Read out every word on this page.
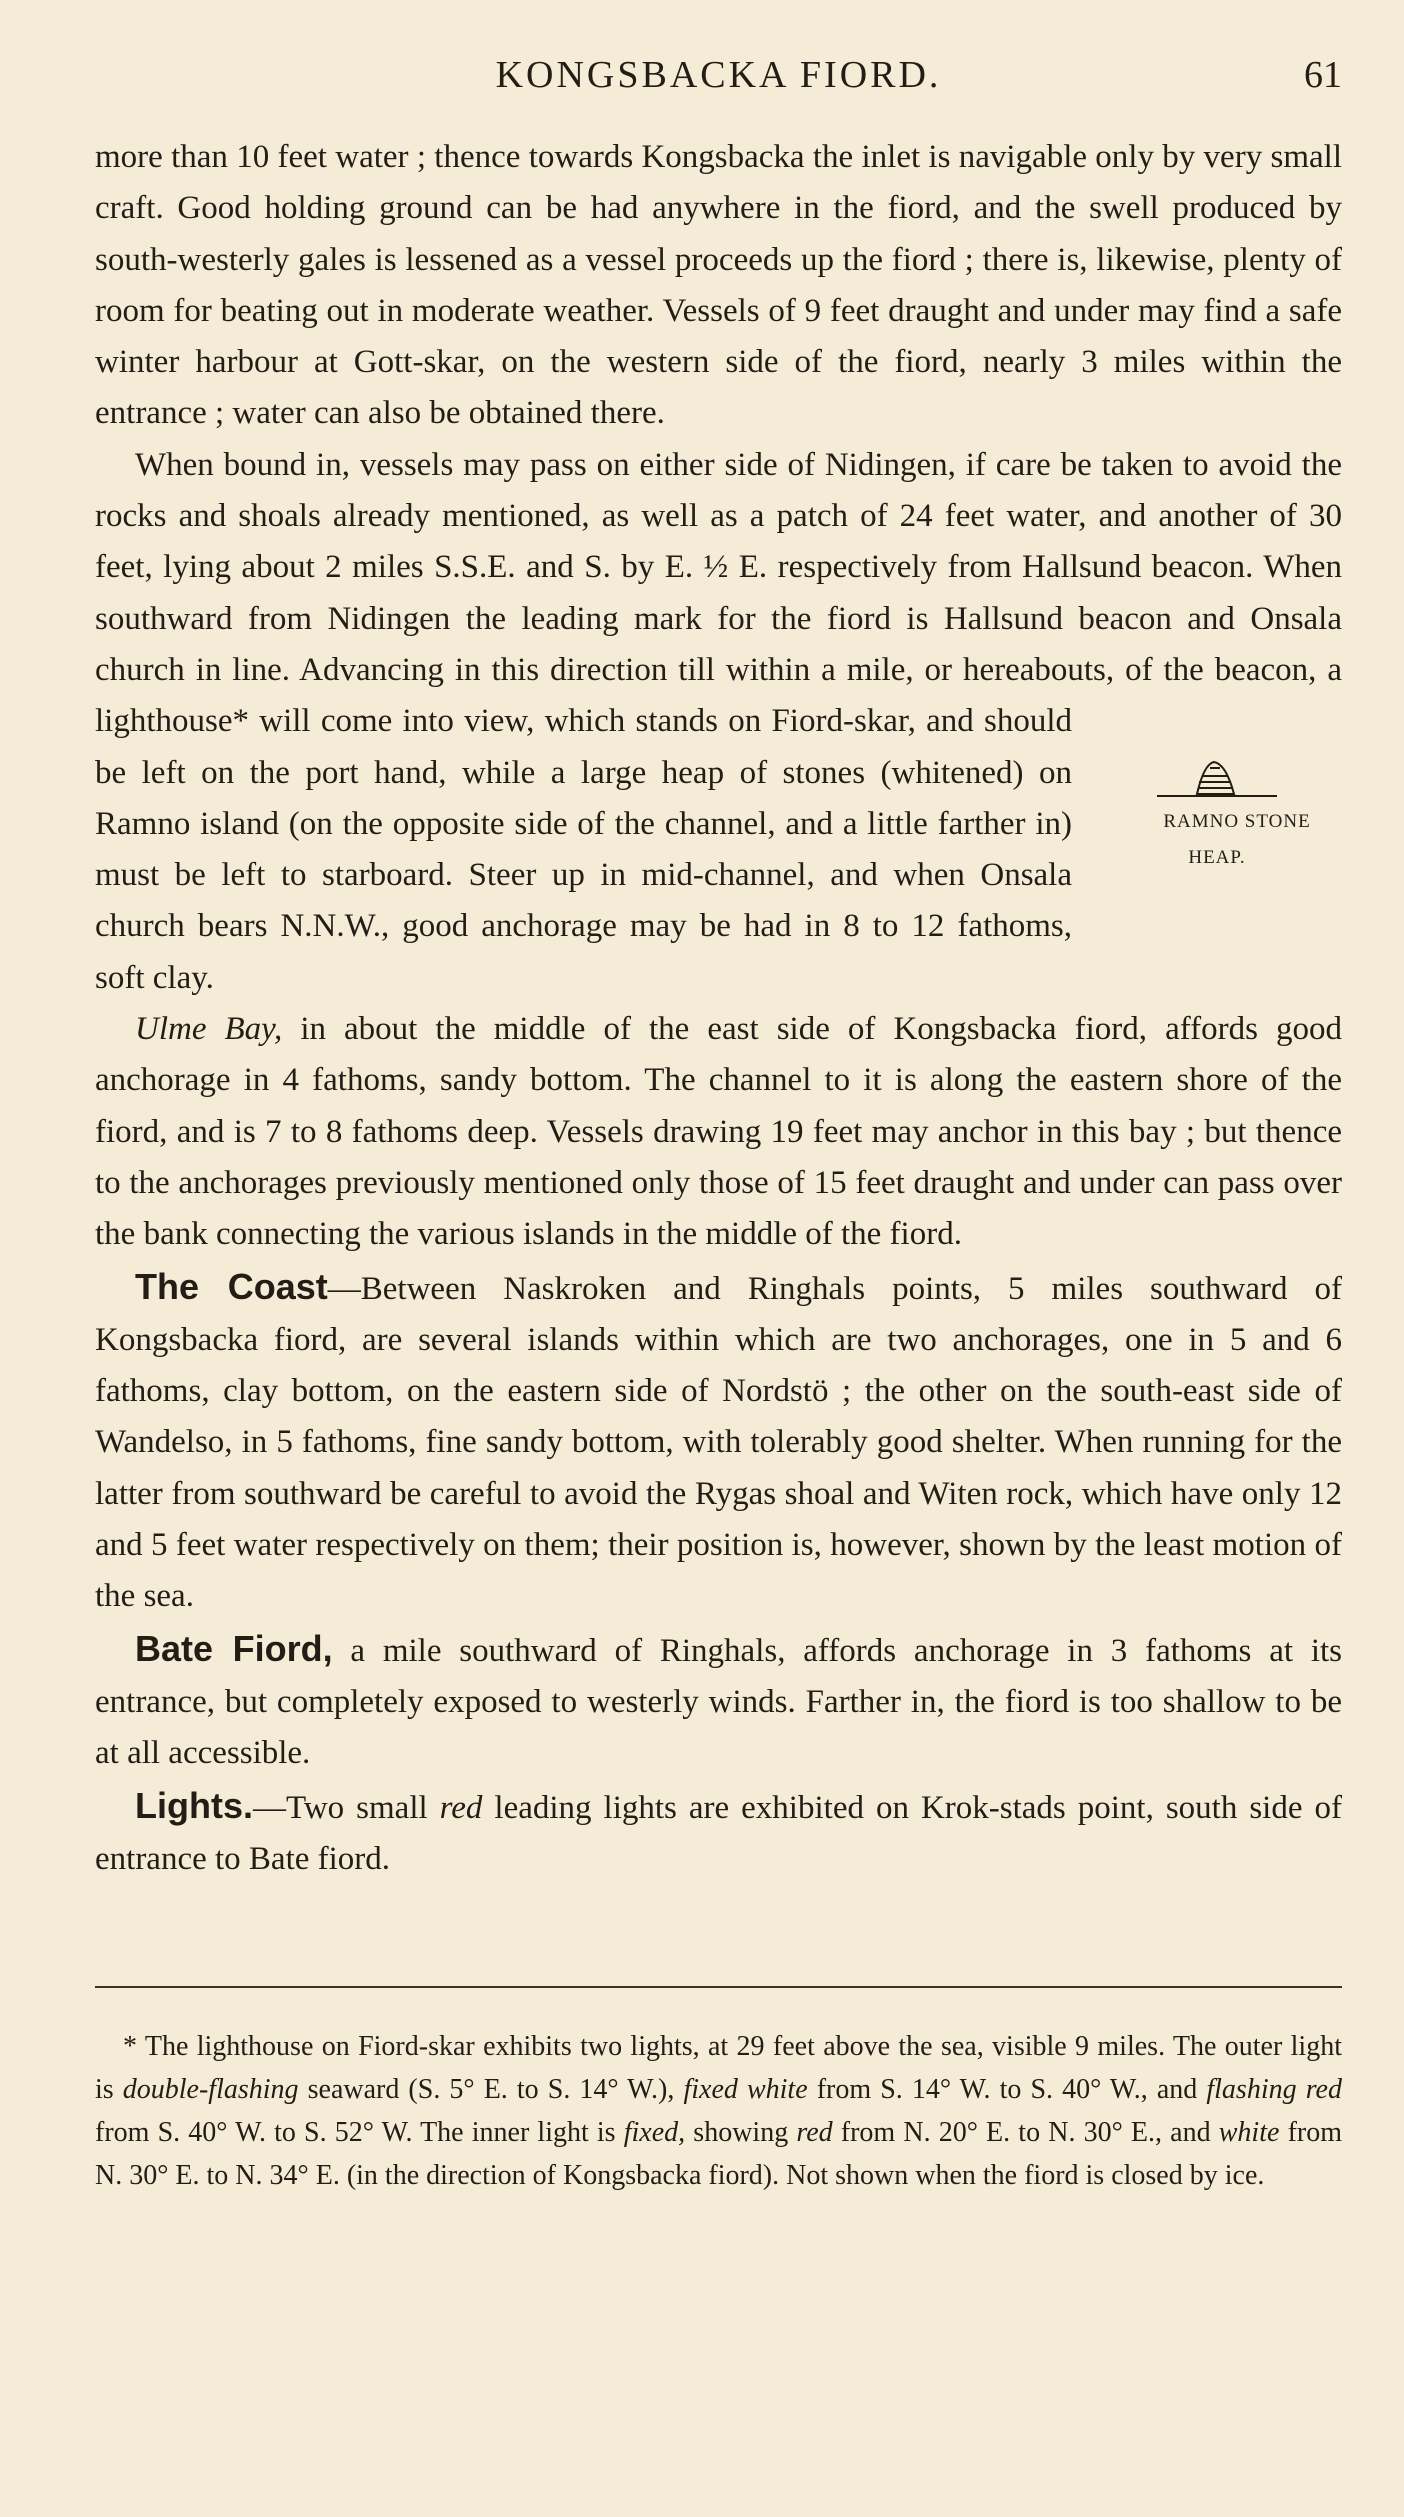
KONGSBACKA FIORD.	61

more than 10 feet water ; thence towards Kongsbacka the inlet is navigable only by very small craft. Good holding ground can be had anywhere in the fiord, and the swell produced by south-westerly gales is lessened as a vessel proceeds up the fiord ; there is, likewise, plenty of room for beating out in moderate weather. Vessels of 9 feet draught and under may find a safe winter harbour at Gott-skar, on the western side of the fiord, nearly 3 miles within the entrance ; water can also be obtained there.

When bound in, vessels may pass on either side of Nidingen, if care be taken to avoid the rocks and shoals already mentioned, as well as a patch of 24 feet water, and another of 30 feet, lying about 2 miles S.S.E. and S. by E. ½ E. respectively from Hallsund beacon. When southward from Nidingen the leading mark for the fiord is Hallsund beacon and Onsala church in line. Advancing in this direction till within a mile, or hereabouts, of the beacon, a lighthouse*
RAMNO STONE
HEAP.
will come into view, which stands on Fiord-skar, and should be left on the port hand, while a large heap of stones (whitened) on Ramno island (on the opposite side of the channel, and a little farther in) must be left to starboard. Steer up in mid-channel, and when Onsala church bears N.N.W., good anchorage may be had in 8 to 12 fathoms, soft clay.

Ulme Bay, in about the middle of the east side of Kongsbacka fiord, affords good anchorage in 4 fathoms, sandy bottom. The channel to it is along the eastern shore of the fiord, and is 7 to 8 fathoms deep. Vessels drawing 19 feet may anchor in this bay ; but thence to the anchorages previously mentioned only those of 15 feet draught and under can pass over the bank connecting the various islands in the middle of the fiord.

The Coast—Between Naskroken and Ringhals points, 5 miles southward of Kongsbacka fiord, are several islands within which are two anchorages, one in 5 and 6 fathoms, clay bottom, on the eastern side of Nordstö ; the other on the south-east side of Wandelso, in 5 fathoms, fine sandy bottom, with tolerably good shelter. When running for the latter from southward be careful to avoid the Rygas shoal and Witen rock, which have only 12 and 5 feet water respectively on them; their position is, however, shown by the least motion of the sea.

Bate Fiord, a mile southward of Ringhals, affords anchorage in 3 fathoms at its entrance, but completely exposed to westerly winds. Farther in, the fiord is too shallow to be at all accessible.

Lights.—Two small red leading lights are exhibited on Krok-stads point, south side of entrance to Bate fiord.

* The lighthouse on Fiord-skar exhibits two lights, at 29 feet above the sea, visible 9 miles. The outer light is double-flashing seaward (S. 5° E. to S. 14° W.), fixed white from S. 14° W. to S. 40° W., and flashing red from S. 40° W. to S. 52° W. The inner light is fixed, showing red from N. 20° E. to N. 30° E., and white from N. 30° E. to N. 34° E. (in the direction of Kongsbacka fiord). Not shown when the fiord is closed by ice.
